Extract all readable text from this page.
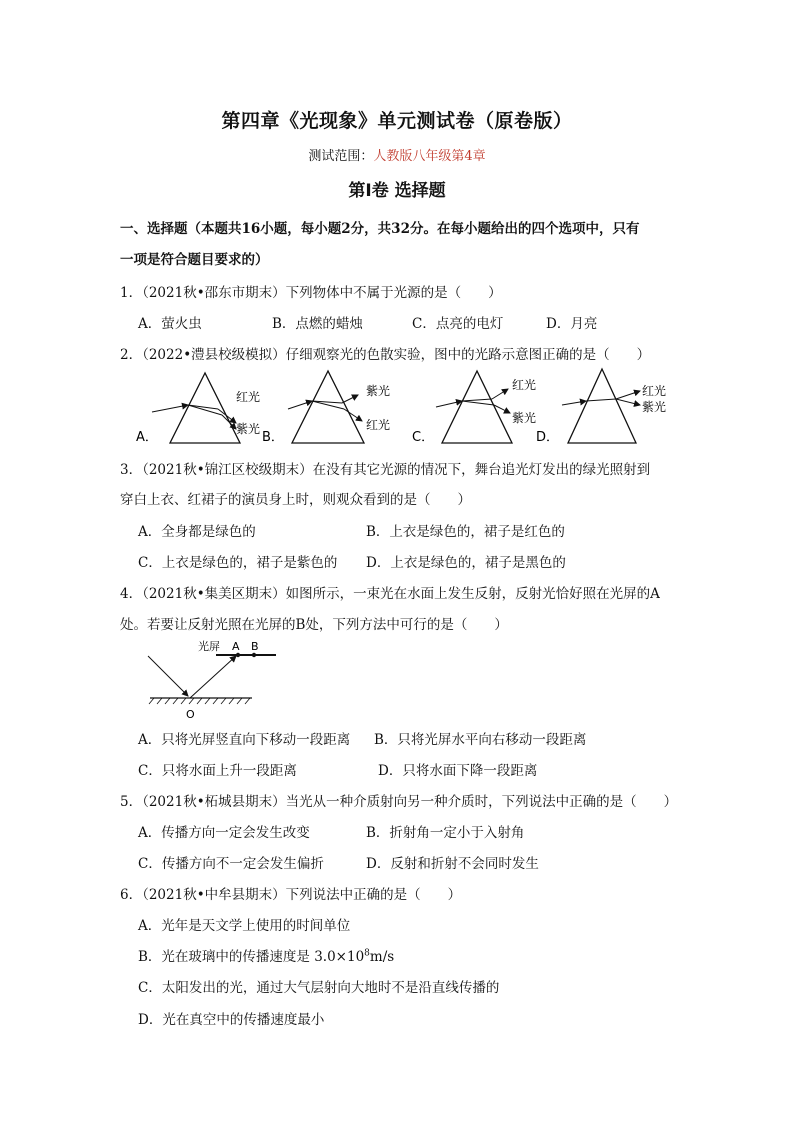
第四章《光现象》单元测试卷（原卷版）
测试范围：人教版八年级第4章
第Ⅰ卷 选择题
一、选择题（本题共16小题，每小题2分，共32分。在每小题给出的四个选项中，只有
一项是符合题目要求的）
1．（2021秋•邵东市期末）下列物体中不属于光源的是（　　）
A．萤火虫	B．点燃的蜡烛	C．点亮的电灯	D．月亮
2．（2022•澧县校级模拟）仔细观察光的色散实验，图中的光路示意图正确的是（　　）
A．
红光
紫光
B．
紫光
红光
C．
红光
紫光
D．
红光
紫光
3．（2021秋•锦江区校级期末）在没有其它光源的情况下，舞台追光灯发出的绿光照射到
穿白上衣、红裙子的演员身上时，则观众看到的是（　　）
A．全身都是绿色的	B．上衣是绿色的，裙子是红色的
C．上衣是绿色的，裙子是紫色的 D．上衣是绿色的，裙子是黑色的
4．（2021秋•集美区期末）如图所示，一束光在水面上发生反射，反射光恰好照在光屏的A
处。若要让反射光照在光屏的B处，下列方法中可行的是（　　）
光屏 A B
O
A．只将光屏竖直向下移动一段距离 B．只将光屏水平向右移动一段距离
C．只将水面上升一段距离	D．只将水面下降一段距离
5．（2021秋•柘城县期末）当光从一种介质射向另一种介质时，下列说法中正确的是（　　）
A．传播方向一定会发生改变	B．折射角一定小于入射角
C．传播方向不一定会发生偏折	D．反射和折射不会同时发生
6．（2021秋•中牟县期末）下列说法中正确的是（　　）
A．光年是天文学上使用的时间单位
B．光在玻璃中的传播速度是 $3.0\times 10^8m/s$
C．太阳发出的光，通过大气层射向大地时不是沿直线传播的
D．光在真空中的传播速度最小
